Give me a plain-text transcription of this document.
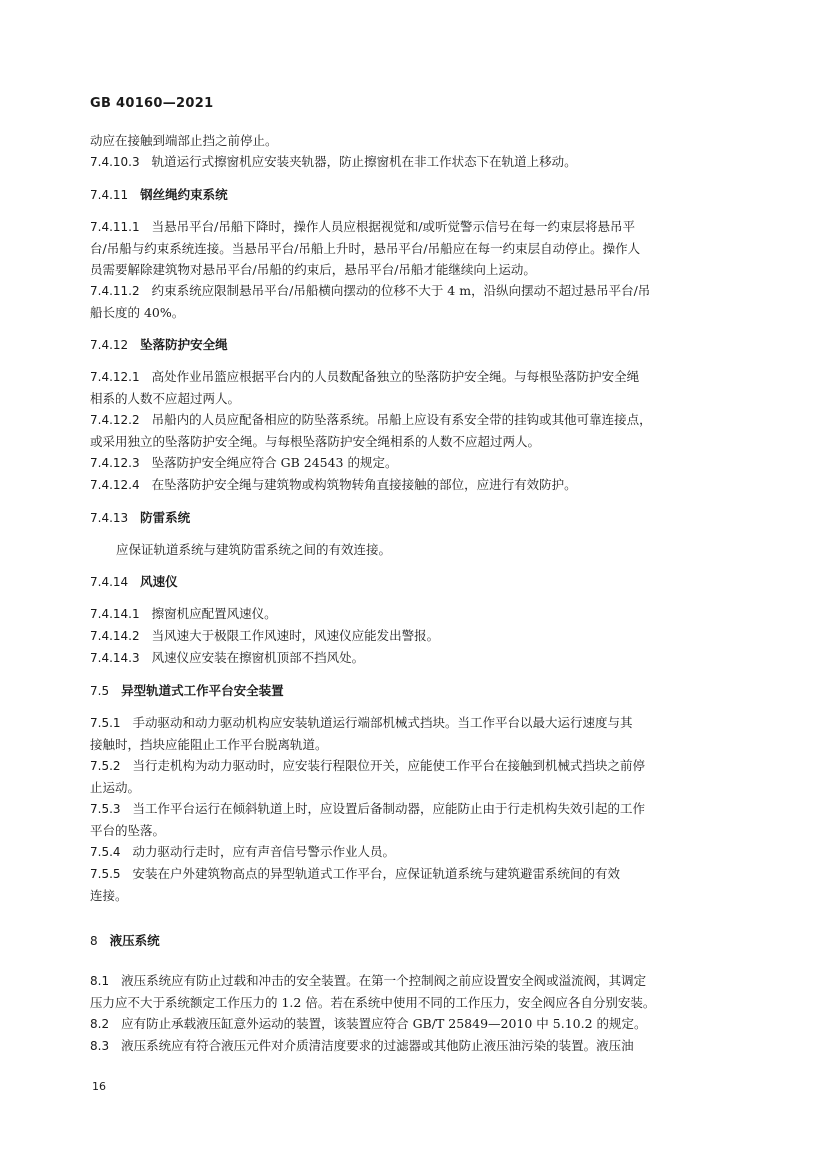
GB 40160—2021
动应在接触到端部止挡之前停止。
7.4.10.3 轨道运行式擦窗机应安装夹轨器，防止擦窗机在非工作状态下在轨道上移动。
7.4.11 钢丝绳约束系统
7.4.11.1 当悬吊平台/吊船下降时，操作人员应根据视觉和/或听觉警示信号在每一约束层将悬吊平
台/吊船与约束系统连接。当悬吊平台/吊船上升时，悬吊平台/吊船应在每一约束层自动停止。操作人
员需要解除建筑物对悬吊平台/吊船的约束后，悬吊平台/吊船才能继续向上运动。
7.4.11.2 约束系统应限制悬吊平台/吊船横向摆动的位移不大于 4 m，沿纵向摆动不超过悬吊平台/吊
船长度的 40%。
7.4.12 坠落防护安全绳
7.4.12.1 高处作业吊篮应根据平台内的人员数配备独立的坠落防护安全绳。与每根坠落防护安全绳
相系的人数不应超过两人。
7.4.12.2 吊船内的人员应配备相应的防坠落系统。吊船上应设有系安全带的挂钩或其他可靠连接点，
或采用独立的坠落防护安全绳。与每根坠落防护安全绳相系的人数不应超过两人。
7.4.12.3 坠落防护安全绳应符合 GB 24543 的规定。
7.4.12.4 在坠落防护安全绳与建筑物或构筑物转角直接接触的部位，应进行有效防护。
7.4.13 防雷系统
应保证轨道系统与建筑防雷系统之间的有效连接。
7.4.14 风速仪
7.4.14.1 擦窗机应配置风速仪。
7.4.14.2 当风速大于极限工作风速时，风速仪应能发出警报。
7.4.14.3 风速仪应安装在擦窗机顶部不挡风处。
7.5 异型轨道式工作平台安全装置
7.5.1 手动驱动和动力驱动机构应安装轨道运行端部机械式挡块。当工作平台以最大运行速度与其
接触时，挡块应能阻止工作平台脱离轨道。
7.5.2 当行走机构为动力驱动时，应安装行程限位开关，应能使工作平台在接触到机械式挡块之前停
止运动。
7.5.3 当工作平台运行在倾斜轨道上时，应设置后备制动器，应能防止由于行走机构失效引起的工作
平台的坠落。
7.5.4 动力驱动行走时，应有声音信号警示作业人员。
7.5.5 安装在户外建筑物高点的异型轨道式工作平台，应保证轨道系统与建筑避雷系统间的有效
连接。
8 液压系统
8.1 液压系统应有防止过载和冲击的安全装置。在第一个控制阀之前应设置安全阀或溢流阀，其调定
压力应不大于系统额定工作压力的 1.2 倍。若在系统中使用不同的工作压力，安全阀应各自分别安装。
8.2 应有防止承载液压缸意外运动的装置，该装置应符合 GB/T 25849—2010 中 5.10.2 的规定。
8.3 液压系统应有符合液压元件对介质清洁度要求的过滤器或其他防止液压油污染的装置。液压油
16
